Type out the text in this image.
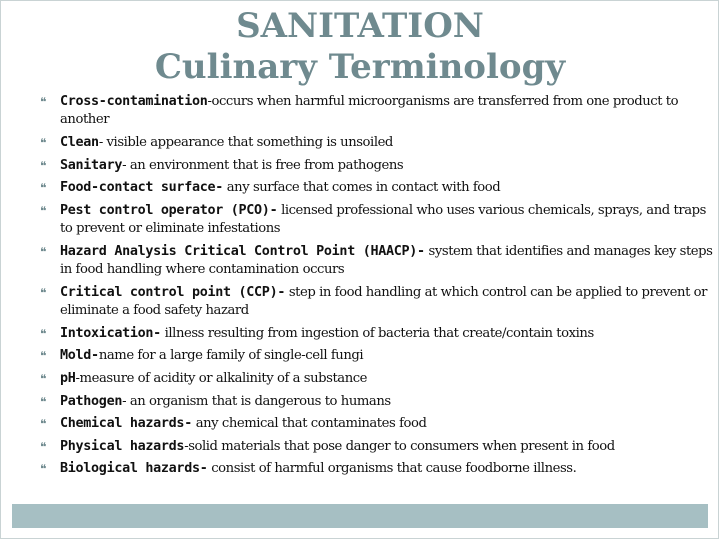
SANITATION
Culinary Terminology
❝	Cross-contamination-occurs when harmful microorganisms are transferred from one product to another
❝	Clean- visible appearance that something is unsoiled
❝	Sanitary- an environment that is free from pathogens
❝	Food-contact surface- any surface that comes in contact with food
❝	Pest control operator (PCO)- licensed professional who uses various chemicals, sprays, and traps to prevent or eliminate infestations
❝	Hazard Analysis Critical Control Point (HAACP)- system that identifies and manages key steps in food handling where contamination occurs
❝	Critical control point (CCP)- step in food handling at which control can be applied to prevent or eliminate a food safety hazard
❝	Intoxication- illness resulting from ingestion of bacteria that create/contain toxins
❝	Mold-name for a large family of single-cell fungi
❝	pH-measure of acidity or alkalinity of a substance
❝	Pathogen- an organism that is dangerous to humans
❝	Chemical hazards- any chemical that contaminates food
❝	Physical hazards-solid materials that pose danger to consumers when present in food
❝	Biological hazards- consist of harmful organisms that cause foodborne illness.
